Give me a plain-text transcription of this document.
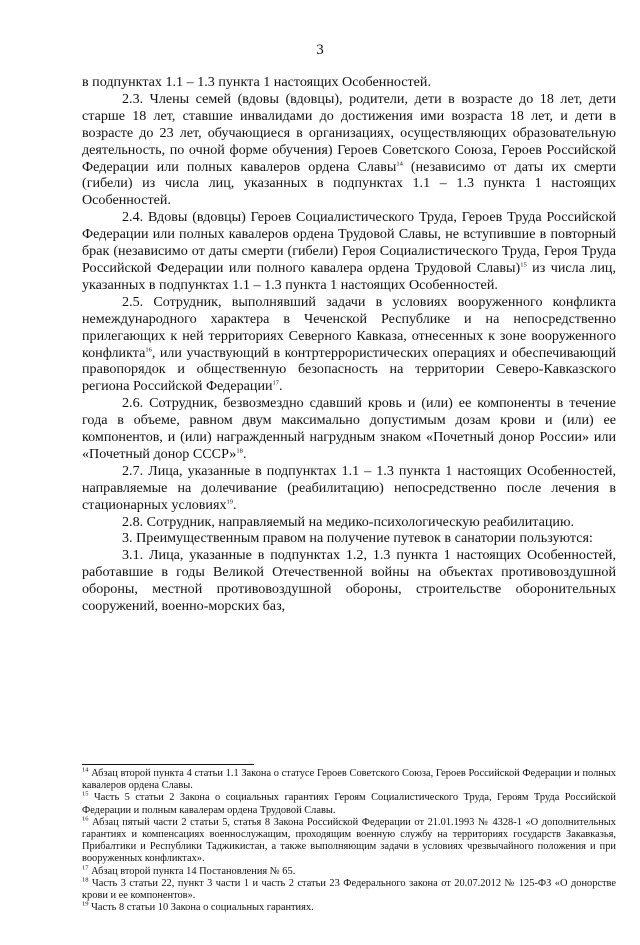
3

в подпунктах 1.1 – 1.3 пункта 1 настоящих Особенностей.

2.3. Члены семей (вдовы (вдовцы), родители, дети в возрасте до 18 лет, дети старше 18 лет, ставшие инвалидами до достижения ими возраста 18 лет, и дети в возрасте до 23 лет, обучающиеся в организациях, осуществляющих образовательную деятельность, по очной форме обучения) Героев Советского Союза, Героев Российской Федерации или полных кавалеров ордена Славы$^{14}$ (независимо от даты их смерти (гибели) из числа лиц, указанных в подпунктах 1.1 – 1.3 пункта 1 настоящих Особенностей.

2.4. Вдовы (вдовцы) Героев Социалистического Труда, Героев Труда Российской Федерации или полных кавалеров ордена Трудовой Славы, не вступившие в повторный брак (независимо от даты смерти (гибели) Героя Социалистического Труда, Героя Труда Российской Федерации или полного кавалера ордена Трудовой Славы)$^{15}$ из числа лиц, указанных в подпунктах 1.1 – 1.3 пункта 1 настоящих Особенностей.

2.5. Сотрудник, выполнявший задачи в условиях вооруженного конфликта немеждународного характера в Чеченской Республике и на непосредственно прилегающих к ней территориях Северного Кавказа, отнесенных к зоне вооруженного конфликта$^{16}$, или участвующий в контртеррористических операциях и обеспечивающий правопорядок и общественную безопасность на территории Северо-Кавказского региона Российской Федерации$^{17}$.

2.6. Сотрудник, безвозмездно сдавший кровь и (или) ее компоненты в течение года в объеме, равном двум максимально допустимым дозам крови и (или) ее компонентов, и (или) награжденный нагрудным знаком «Почетный донор России» или «Почетный донор СССР»$^{18}$.

2.7. Лица, указанные в подпунктах 1.1 – 1.3 пункта 1 настоящих Особенностей, направляемые на долечивание (реабилитацию) непосредственно после лечения в стационарных условиях$^{19}$.

2.8. Сотрудник, направляемый на медико-психологическую реабилитацию.

3. Преимущественным правом на получение путевок в санатории пользуются:

3.1. Лица, указанные в подпунктах 1.2, 1.3 пункта 1 настоящих Особенностей, работавшие в годы Великой Отечественной войны на объектах противовоздушной обороны, местной противовоздушной обороны, строительстве оборонительных сооружений, военно-морских баз,

$^{14}$ Абзац второй пункта 4 статьи 1.1 Закона о статусе Героев Советского Союза, Героев Российской Федерации и полных кавалеров ордена Славы.

$^{15}$ Часть 5 статьи 2 Закона о социальных гарантиях Героям Социалистического Труда, Героям Труда Российской Федерации и полным кавалерам ордена Трудовой Славы.

$^{16}$ Абзац пятый части 2 статьи 5, статья 8 Закона Российской Федерации от 21.01.1993 № 4328-1 «О дополнительных гарантиях и компенсациях военнослужащим, проходящим военную службу на территориях государств Закавказья, Прибалтики и Республики Таджикистан, а также выполняющим задачи в условиях чрезвычайного положения и при вооруженных конфликтах».

$^{17}$ Абзац второй пункта 14 Постановления № 65.

$^{18}$ Часть 3 статьи 22, пункт 3 части 1 и часть 2 статьи 23 Федерального закона от 20.07.2012 № 125-ФЗ «О донорстве крови и ее компонентов».

$^{19}$ Часть 8 статьи 10 Закона о социальных гарантиях.
